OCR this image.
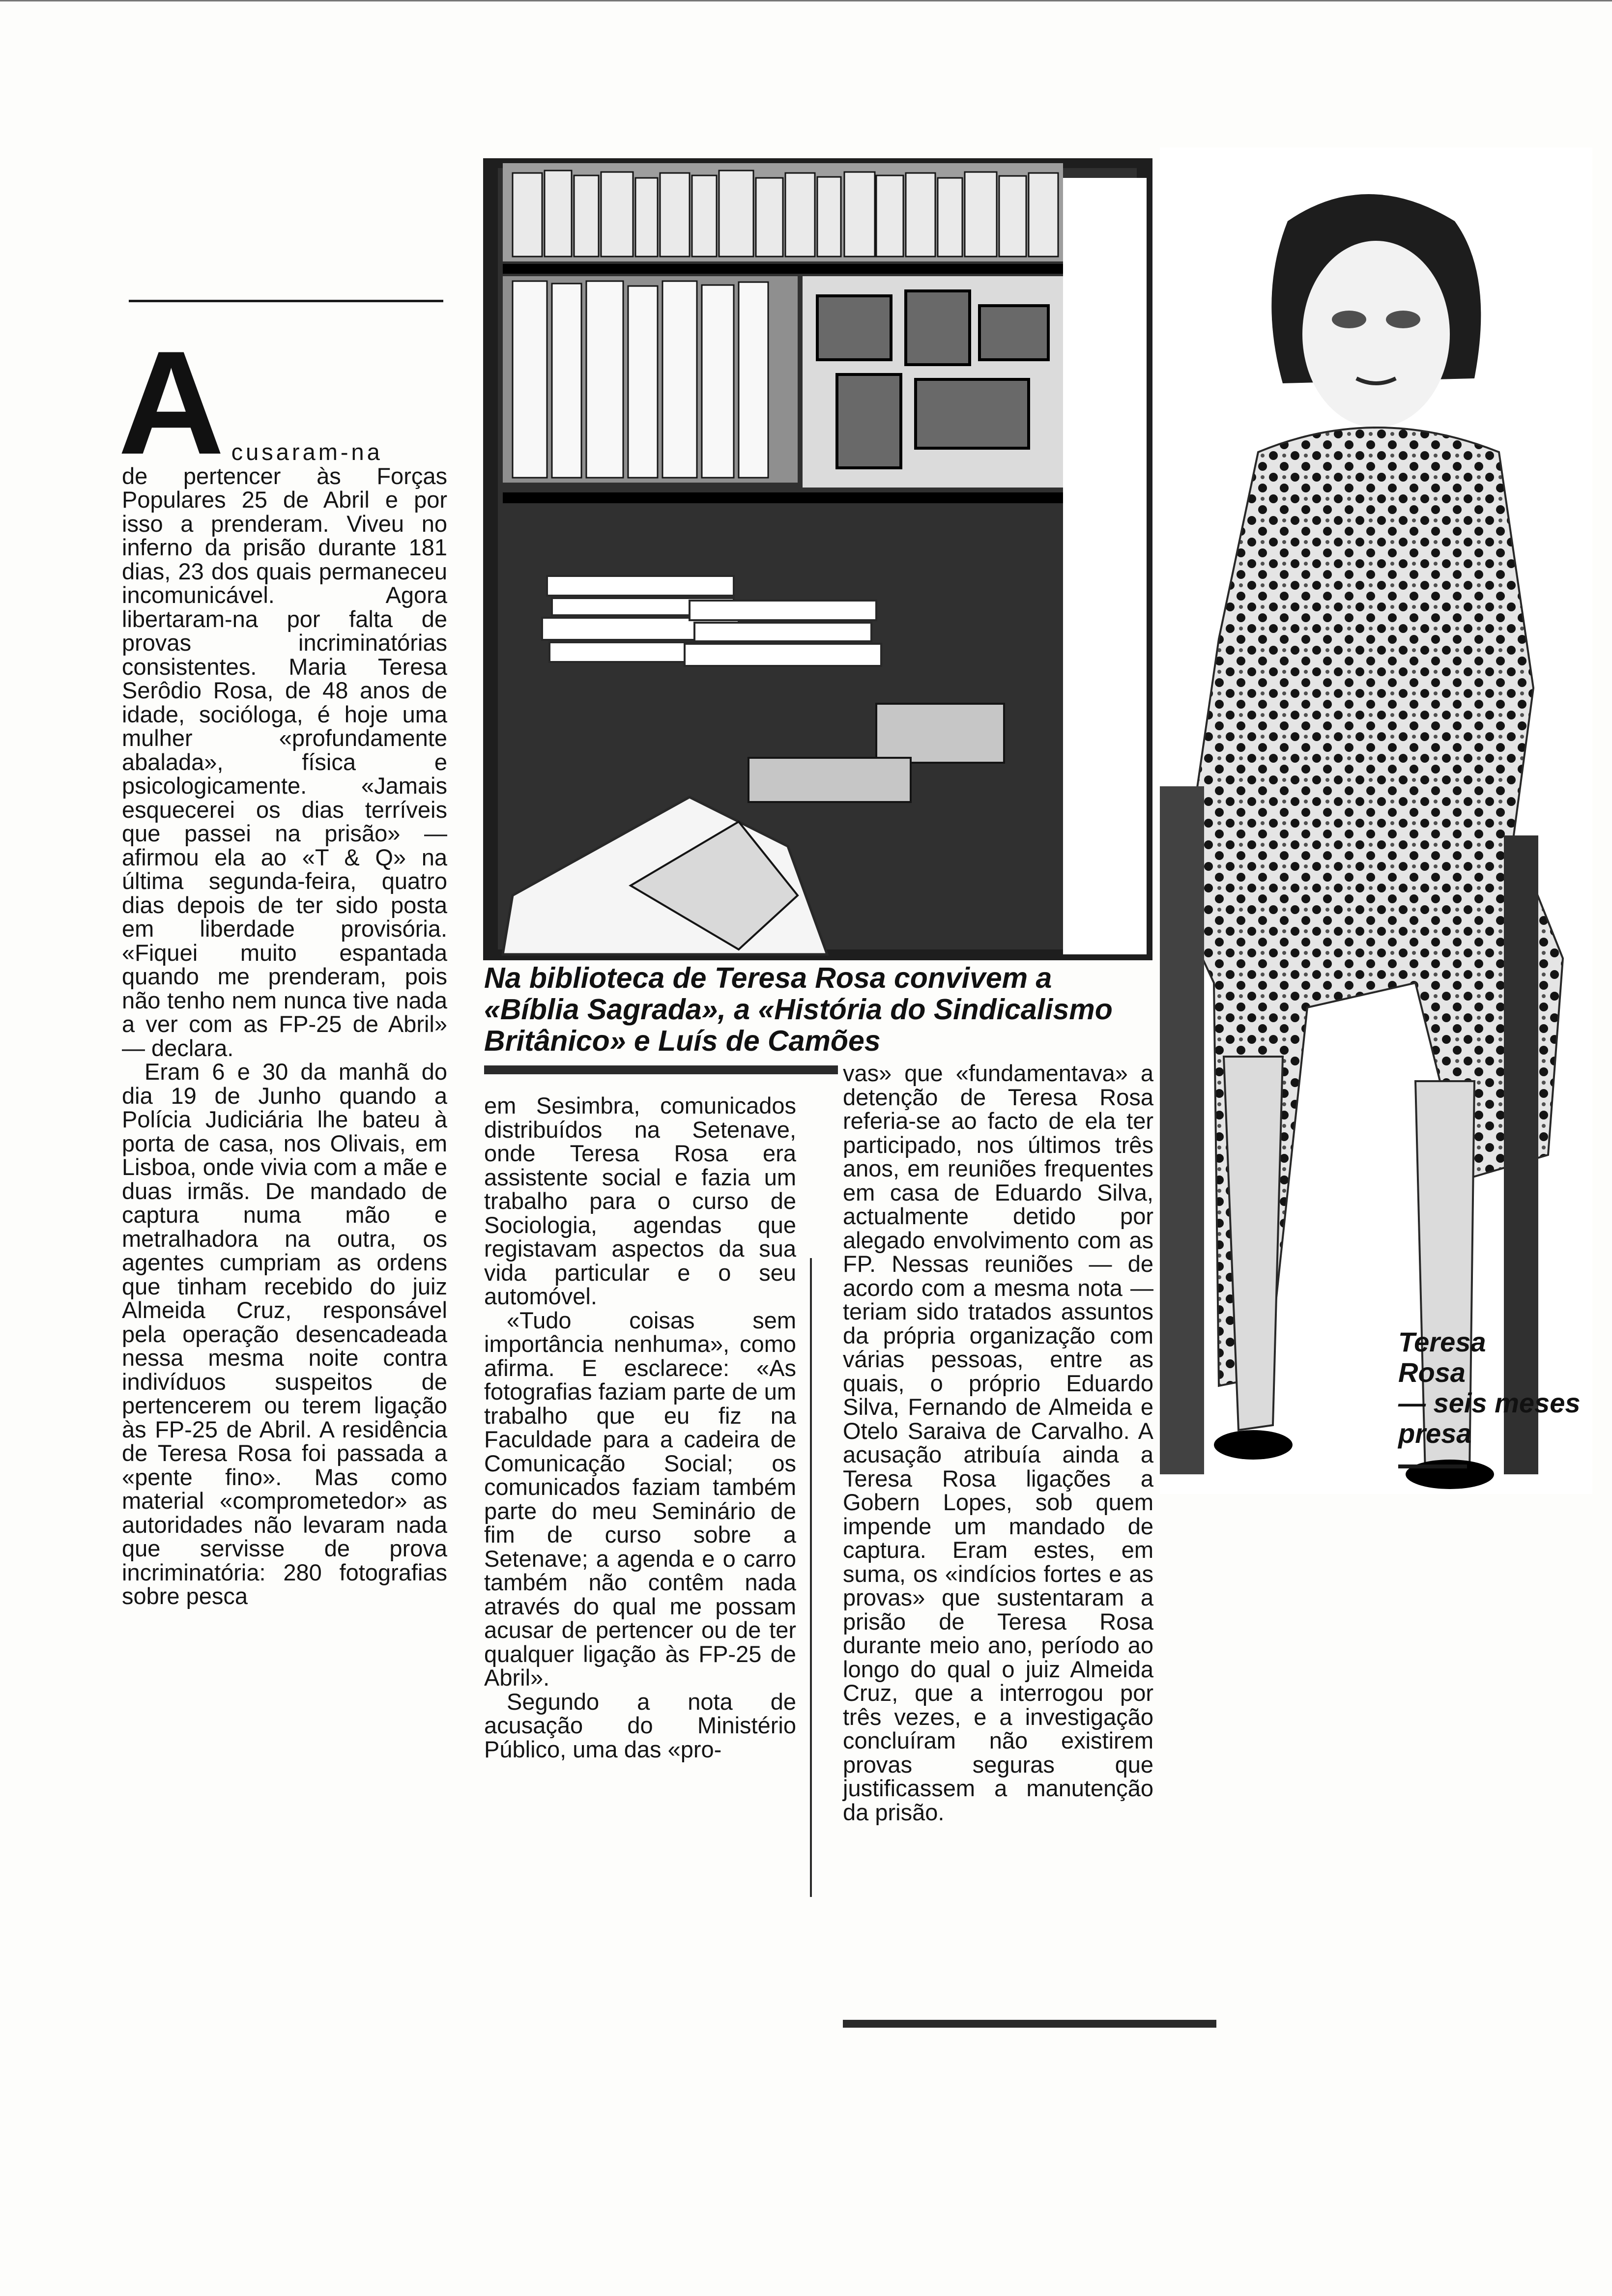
A cusaram-na

de pertencer às Forças Populares 25 de Abril e por isso a prenderam. Viveu no inferno da prisão durante 181 dias, 23 dos quais permaneceu incomunicável. Agora libertaram-na por falta de provas incriminatórias consistentes. Maria Teresa Serôdio Rosa, de 48 anos de idade, socióloga, é hoje uma mulher «profundamente abalada», física e psicologicamente. «Jamais esquecerei os dias terríveis que passei na prisão» — afirmou ela ao «T & Q» na última segunda-feira, quatro dias depois de ter sido posta em liberdade provisória. «Fiquei muito espantada quando me prenderam, pois não tenho nem nunca tive nada a ver com as FP-25 de Abril» — declara.

Eram 6 e 30 da manhã do dia 19 de Junho quando a Polícia Judiciária lhe bateu à porta de casa, nos Olivais, em Lisboa, onde vivia com a mãe e duas irmãs. De mandado de captura numa mão e metralhadora na outra, os agentes cumpriam as ordens que tinham recebido do juiz Almeida Cruz, responsável pela operação desencadeada nessa mesma noite contra indivíduos suspeitos de pertencerem ou terem ligação às FP-25 de Abril. A residência de Teresa Rosa foi passada a «pente fino». Mas como material «comprometedor» as autoridades não levaram nada que servisse de prova incriminatória: 280 fotografias sobre pesca

Na biblioteca de Teresa Rosa convivem a
«Bíblia Sagrada», a «História do Sindicalismo
Britânico» e Luís de Camões

em Sesimbra, comunicados distribuídos na Setenave, onde Teresa Rosa era assistente social e fazia um trabalho para o curso de Sociologia, agendas que registavam aspectos da sua vida particular e o seu automóvel.

«Tudo coisas sem importância nenhuma», como afirma. E esclarece: «As fotografias faziam parte de um trabalho que eu fiz na Faculdade para a cadeira de Comunicação Social; os comunicados faziam também parte do meu Seminário de fim de curso sobre a Setenave; a agenda e o carro também não contêm nada através do qual me possam acusar de pertencer ou de ter qualquer ligação às FP-25 de Abril».

Segundo a nota de acusação do Ministério Público, uma das «pro-

vas» que «fundamentava» a detenção de Teresa Rosa referia-se ao facto de ela ter participado, nos últimos três anos, em reuniões frequentes em casa de Eduardo Silva, actualmente detido por alegado envolvimento com as FP. Nessas reuniões — de acordo com a mesma nota — teriam sido tratados assuntos da própria organização com várias pessoas, entre as quais, o próprio Eduardo Silva, Fernando de Almeida e Otelo Saraiva de Carvalho. A acusação atribuía ainda a Teresa Rosa ligações a Gobern Lopes, sob quem impende um mandado de captura. Eram estes, em suma, os «indícios fortes e as provas» que sustentaram a prisão de Teresa Rosa durante meio ano, período ao longo do qual o juiz Almeida Cruz, que a interrogou por três vezes, e a investigação concluíram não existirem provas seguras que justificassem a manutenção da prisão.

Teresa
Rosa
— seis meses
presa
